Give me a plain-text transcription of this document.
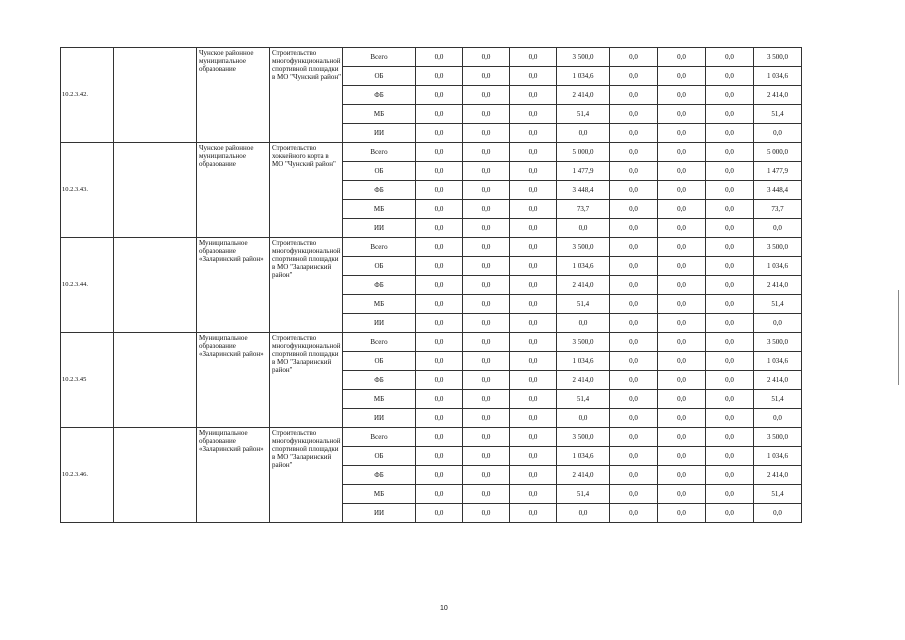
10.2.3.42.		Чунское районное муниципальное образование	Строительство многофункциональной спортивной площадки в МО "Чунский район"	Всего	0,0	0,0	0,0	3 500,0	0,0	0,0	0,0	3 500,0
				ОБ	0,0	0,0	0,0	1 034,6	0,0	0,0	0,0	1 034,6
				ФБ	0,0	0,0	0,0	2 414,0	0,0	0,0	0,0	2 414,0
				МБ	0,0	0,0	0,0	51,4	0,0	0,0	0,0	51,4
				ИИ	0,0	0,0	0,0	0,0	0,0	0,0	0,0	0,0
10.2.3.43.		Чунское районное муниципальное образование	Строительство хоккейного корта в МО "Чунский район"	Всего	0,0	0,0	0,0	5 000,0	0,0	0,0	0,0	5 000,0
				ОБ	0,0	0,0	0,0	1 477,9	0,0	0,0	0,0	1 477,9
				ФБ	0,0	0,0	0,0	3 448,4	0,0	0,0	0,0	3 448,4
				МБ	0,0	0,0	0,0	73,7	0,0	0,0	0,0	73,7
				ИИ	0,0	0,0	0,0	0,0	0,0	0,0	0,0	0,0
10.2.3.44.		Муниципальное образование «Заларинский район»	Строительство многофункциональной спортивной площадки в МО "Заларинский район"	Всего	0,0	0,0	0,0	3 500,0	0,0	0,0	0,0	3 500,0
				ОБ	0,0	0,0	0,0	1 034,6	0,0	0,0	0,0	1 034,6
				ФБ	0,0	0,0	0,0	2 414,0	0,0	0,0	0,0	2 414,0
				МБ	0,0	0,0	0,0	51,4	0,0	0,0	0,0	51,4
				ИИ	0,0	0,0	0,0	0,0	0,0	0,0	0,0	0,0
10.2.3.45		Муниципальное образование «Заларинский район»	Строительство многофункциональной спортивной площадки в МО "Заларинский район"	Всего	0,0	0,0	0,0	3 500,0	0,0	0,0	0,0	3 500,0
				ОБ	0,0	0,0	0,0	1 034,6	0,0	0,0	0,0	1 034,6
				ФБ	0,0	0,0	0,0	2 414,0	0,0	0,0	0,0	2 414,0
				МБ	0,0	0,0	0,0	51,4	0,0	0,0	0,0	51,4
				ИИ	0,0	0,0	0,0	0,0	0,0	0,0	0,0	0,0
10.2.3.46.		Муниципальное образование «Заларинский район»	Строительство многофункциональной спортивной площадки в МО "Заларинский район"	Всего	0,0	0,0	0,0	3 500,0	0,0	0,0	0,0	3 500,0
				ОБ	0,0	0,0	0,0	1 034,6	0,0	0,0	0,0	1 034,6
				ФБ	0,0	0,0	0,0	2 414,0	0,0	0,0	0,0	2 414,0
				МБ	0,0	0,0	0,0	51,4	0,0	0,0	0,0	51,4
				ИИ	0,0	0,0	0,0	0,0	0,0	0,0	0,0	0,0
10
